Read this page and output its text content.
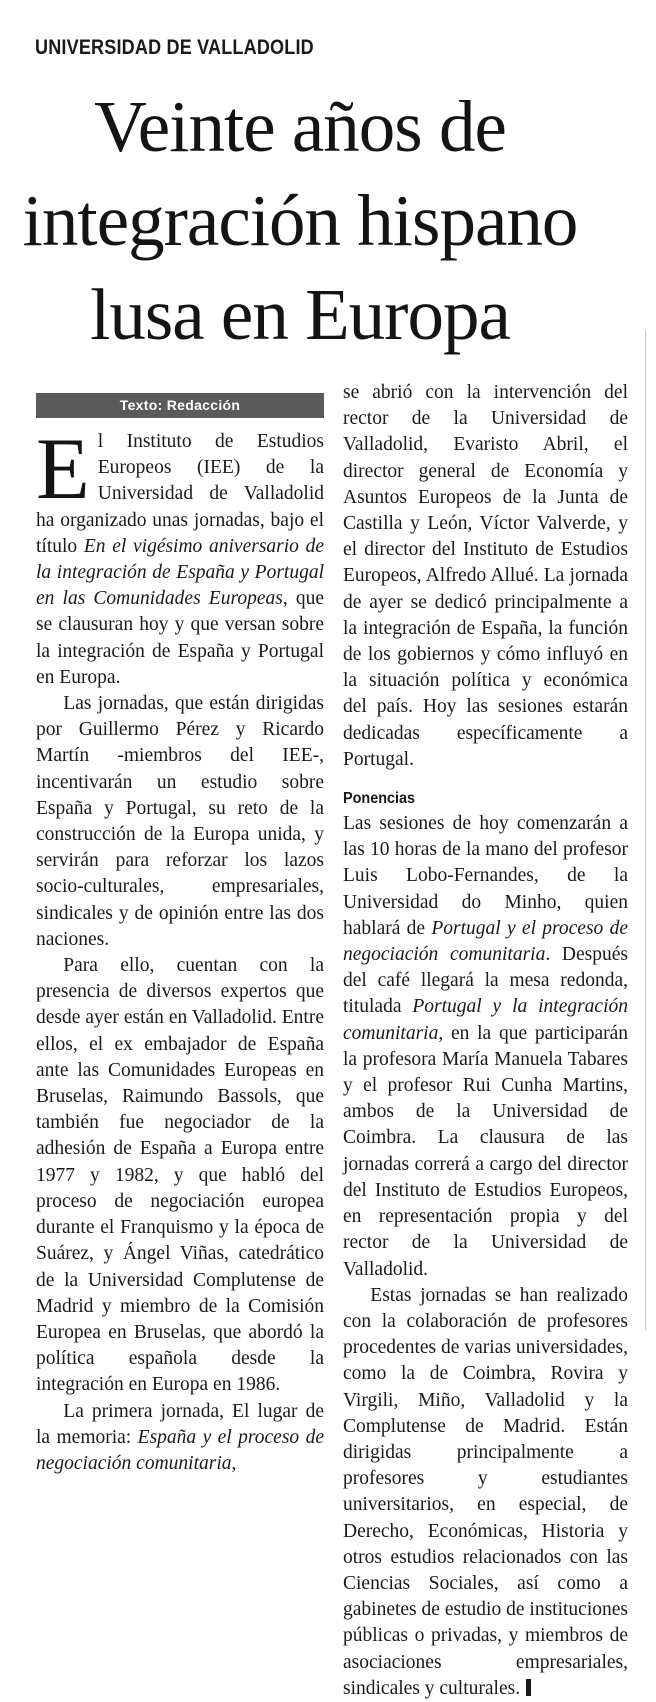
UNIVERSIDAD DE VALLADOLID
Veinte años de
integración hispano
lusa en Europa
Texto: Redacción

El Instituto de Estudios Europeos (IEE) de la Universidad de Valladolid ha organizado unas jornadas, bajo el título En el vigésimo aniversario de la integración de España y Portugal en las Comunidades Europeas, que se clausuran hoy y que versan sobre la integración de España y Portugal en Europa.

Las jornadas, que están dirigidas por Guillermo Pérez y Ricardo Martín -miembros del IEE-, incentivarán un estudio sobre España y Portugal, su reto de la construcción de la Europa unida, y servirán para reforzar los lazos socio-culturales, empresariales, sindicales y de opinión entre las dos naciones.

Para ello, cuentan con la presencia de diversos expertos que desde ayer están en Valladolid. Entre ellos, el ex embajador de España ante las Comunidades Europeas en Bruselas, Raimundo Bassols, que también fue negociador de la adhesión de España a Europa entre 1977 y 1982, y que habló del proceso de negociación europea durante el Franquismo y la época de Suárez, y Ángel Viñas, catedrático de la Universidad Complutense de Madrid y miembro de la Comisión Europea en Bruselas, que abordó la política española desde la integración en Europa en 1986.

La primera jornada, El lugar de la memoria: España y el proceso de negociación comunitaria,

se abrió con la intervención del rector de la Universidad de Valladolid, Evaristo Abril, el director general de Economía y Asuntos Europeos de la Junta de Castilla y León, Víctor Valverde, y el director del Instituto de Estudios Europeos, Alfredo Allué. La jornada de ayer se dedicó principalmente a la integración de España, la función de los gobiernos y cómo influyó en la situación política y económica del país. Hoy las sesiones estarán dedicadas específicamente a Portugal.

Ponencias

Las sesiones de hoy comenzarán a las 10 horas de la mano del profesor Luis Lobo-Fernandes, de la Universidad do Minho, quien hablará de Portugal y el proceso de negociación comunitaria. Después del café llegará la mesa redonda, titulada Portugal y la integración comunitaria, en la que participarán la profesora María Manuela Tabares y el profesor Rui Cunha Martins, ambos de la Universidad de Coimbra. La clausura de las jornadas correrá a cargo del director del Instituto de Estudios Europeos, en representación propia y del rector de la Universidad de Valladolid.

Estas jornadas se han realizado con la colaboración de profesores procedentes de varias universidades, como la de Coimbra, Rovira y Virgili, Miño, Valladolid y la Complutense de Madrid. Están dirigidas principalmente a profesores y estudiantes universitarios, en especial, de Derecho, Económicas, Historia y otros estudios relacionados con las Ciencias Sociales, así como a gabinetes de estudio de instituciones públicas o privadas, y miembros de asociaciones empresariales, sindicales y culturales.
